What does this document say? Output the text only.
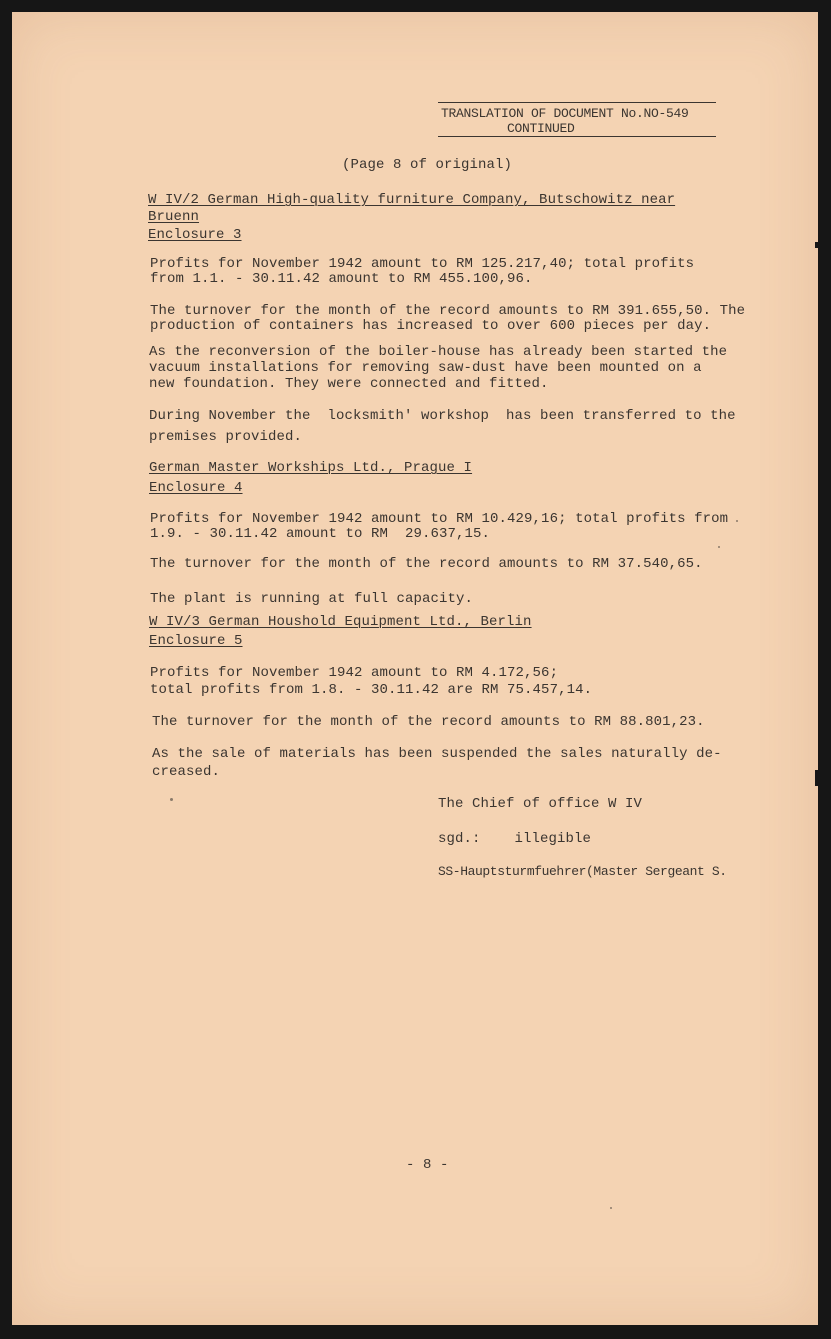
TRANSLATION OF DOCUMENT No.NO-549
CONTINUED
(Page 8 of original)
W IV/2 German High-quality furniture Company, Butschowitz near
Bruenn
Enclosure 3
Profits for November 1942 amount to RM 125.217,40; total profits
from 1.1. - 30.11.42 amount to RM 455.100,96.
The turnover for the month of the record amounts to RM 391.655,50. The
production of containers has increased to over 600 pieces per day.
As the reconversion of the boiler-house has already been started the
vacuum installations for removing saw-dust have been mounted on a
new foundation. They were connected and fitted.
During November the  locksmith' workshop  has been transferred to the
premises provided.
German Master Workships Ltd., Prague I
Enclosure 4
Profits for November 1942 amount to RM 10.429,16; total profits from
1.9. - 30.11.42 amount to RM  29.637,15.
The turnover for the month of the record amounts to RM 37.540,65.
The plant is running at full capacity.
W IV/3 German Houshold Equipment Ltd., Berlin
Enclosure 5
Profits for November 1942 amount to RM 4.172,56;
total profits from 1.8. - 30.11.42 are RM 75.457,14.
The turnover for the month of the record amounts to RM 88.801,23.
As the sale of materials has been suspended the sales naturally de-
creased.
The Chief of office W IV
sgd.:    illegible
SS-Hauptsturmfuehrer(Master Sergeant S.
- 8 -
